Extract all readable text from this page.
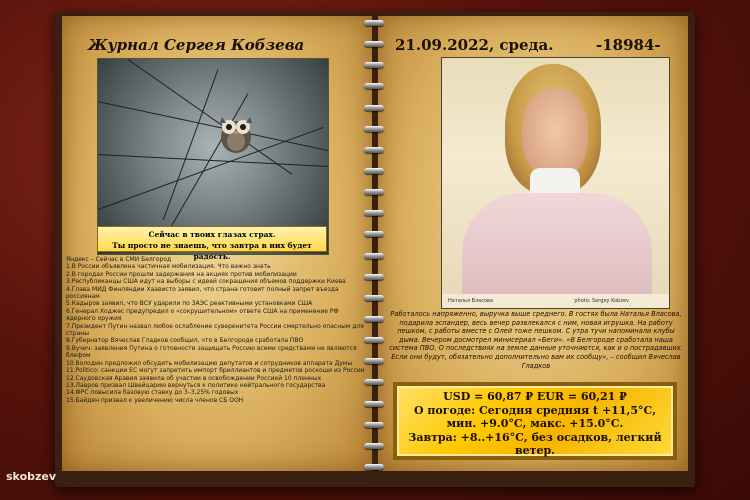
Журнал Сергея Кобзева	21.09.2022, среда.	-18984-
Сейчас в твоих глазах страх.
Ты просто не знаешь, что завтра в них будет радость.
Яндекс – Сейчас в СМИ Белгород
1.В России объявлена частичная мобилизация. Что важно знать
2.В городах России прошли задержания на акциях против мобилизации
3.Республиканцы США идут на выборы с идеей сокращения объемов поддержки Киева
4.Глава МИД Финляндии Хаависто заявил, что страна готовит полный запрет въезда россиянам
5.Кадыров заявил, что ВСУ ударили по ЗАЭС реактивными установками США
6.Генерал Ходжес предупредил о «сокрушительном» ответе США на применение РФ ядерного оружия
7.Президент Путин назвал любое ослабление суверенитета России смертельно опасным для страны
8.Губернатор Вячеслав Гладков сообщил, что в Белгороде сработала ПВО
9.Вучич: заявления Путина о готовности защищать Россию всеми средствами не являются блефом
10.Володин предложил обсудить мобилизацию депутатов и сотрудников аппарата Думы
11.Politico: санкции ЕС могут запретить импорт бриллиантов и предметов роскоши из России
12.Саудовская Аравия заявила об участии в освобождении Россией 10 пленных
13.Лавров призвал Швейцарию вернуться к политике нейтрального государства
14.ФРС повысила базовую ставку до 3–3,25% годовых
15.Байден призвал к увеличению числа членов СБ ООН
Наталья Власова	photo: Sergey Kobzev
Работалось напряженно, выручка выше среднего. В гостях была Наталья Власова, подарила эспандер, весь вечер развлекался с ним, новая игрушка. На работу пешком, с работы вместе с Олей тоже пешком. С утра тучи напоминали клубы дыма. Вечером досмотрел минисериал «Беги». «В Белгороде сработала наша система ПВО. О последствиях на земле данные уточняются, как и о пострадавших. Если они будут, обязательно дополнительно вам их сообщу», – сообщил Вячеслав Гладков
USD = 60,87 ₽ EUR = 60,21 ₽
О погоде: Сегодня средняя t +11,5°С,
мин. +9.0°С, макс. +15.0°С.
Завтра: +8..+16°С, без осадков, легкий
ветер.
skobzev
